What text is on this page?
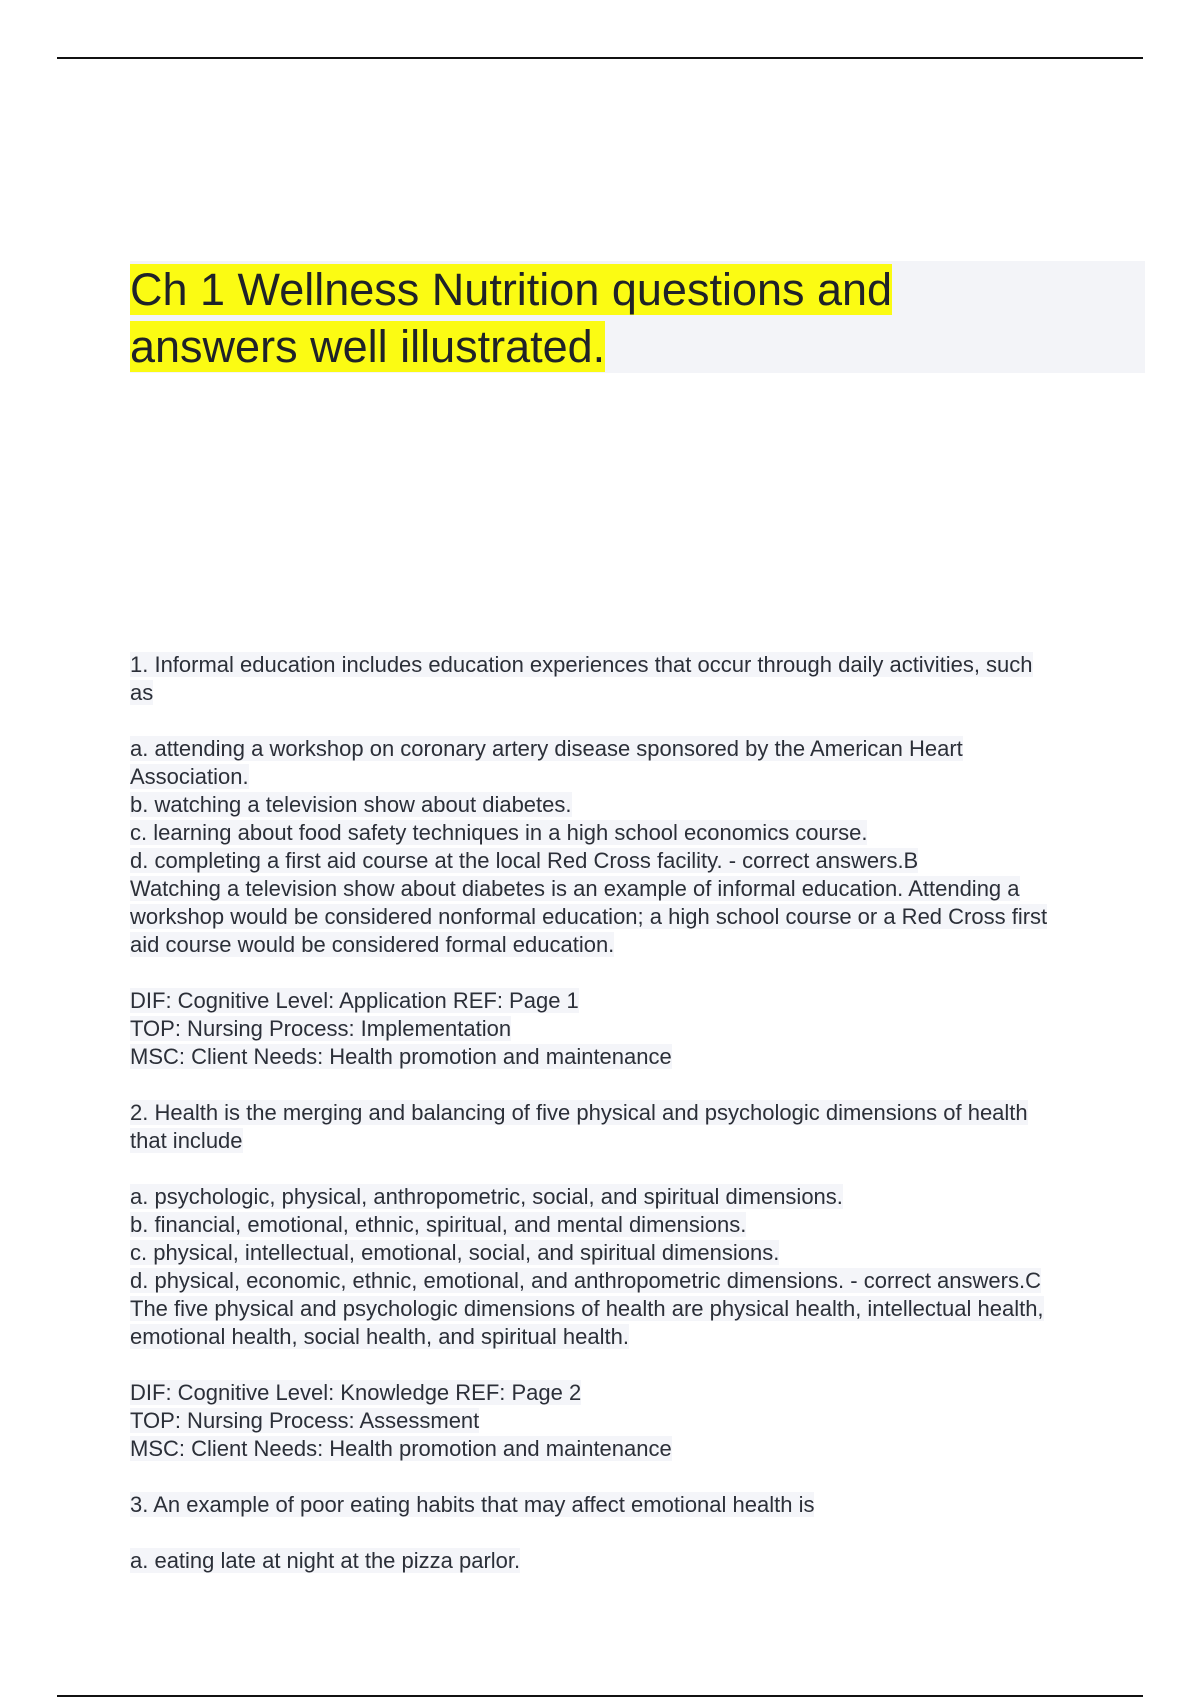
Ch 1 Wellness Nutrition questions and
answers well illustrated.
1. Informal education includes education experiences that occur through daily activities, such
as
a. attending a workshop on coronary artery disease sponsored by the American Heart
Association.
b. watching a television show about diabetes.
c. learning about food safety techniques in a high school economics course.
d. completing a first aid course at the local Red Cross facility. - correct answers.B
Watching a television show about diabetes is an example of informal education. Attending a
workshop would be considered nonformal education; a high school course or a Red Cross first
aid course would be considered formal education.
DIF: Cognitive Level: Application REF: Page 1
TOP: Nursing Process: Implementation
MSC: Client Needs: Health promotion and maintenance
2. Health is the merging and balancing of five physical and psychologic dimensions of health
that include
a. psychologic, physical, anthropometric, social, and spiritual dimensions.
b. financial, emotional, ethnic, spiritual, and mental dimensions.
c. physical, intellectual, emotional, social, and spiritual dimensions.
d. physical, economic, ethnic, emotional, and anthropometric dimensions. - correct answers.C
The five physical and psychologic dimensions of health are physical health, intellectual health,
emotional health, social health, and spiritual health.
DIF: Cognitive Level: Knowledge REF: Page 2
TOP: Nursing Process: Assessment
MSC: Client Needs: Health promotion and maintenance
3. An example of poor eating habits that may affect emotional health is
a. eating late at night at the pizza parlor.
